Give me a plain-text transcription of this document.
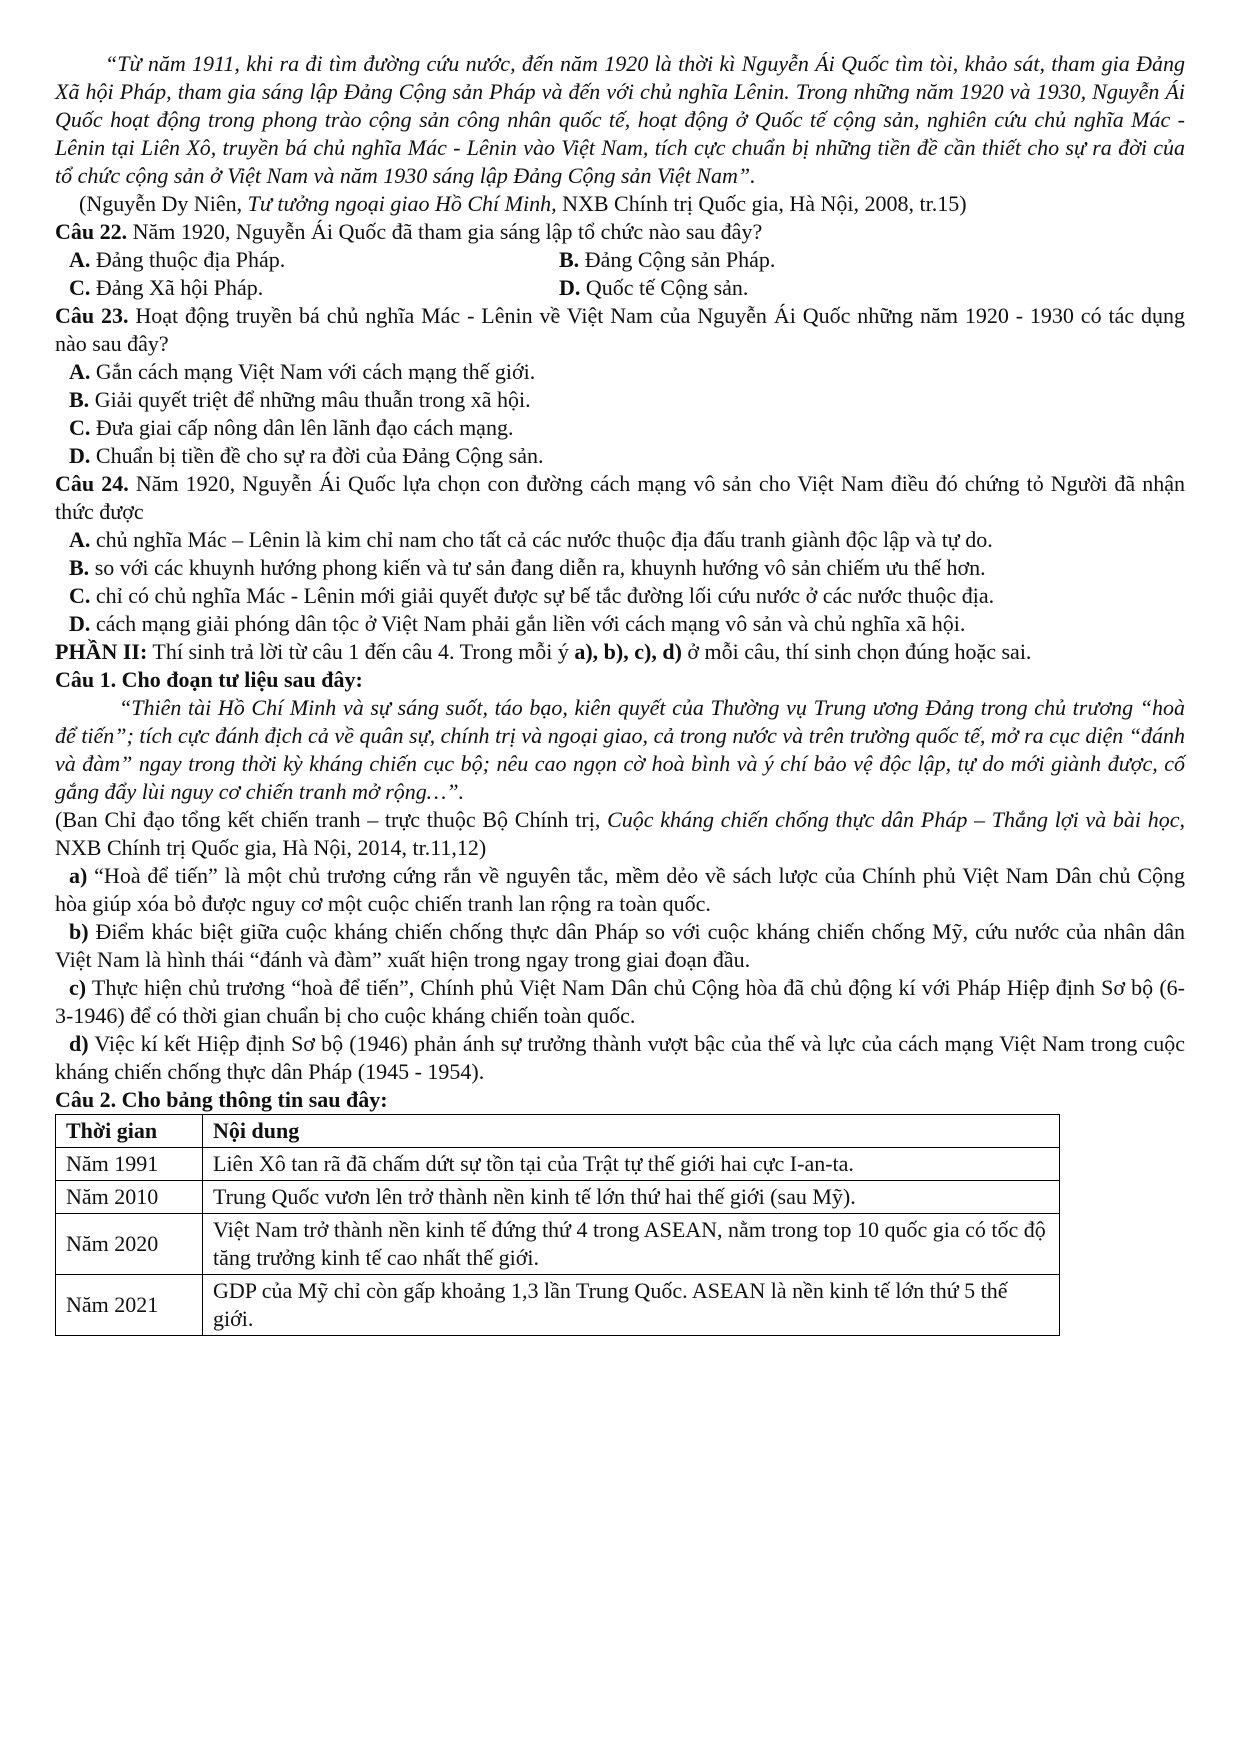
“Từ năm 1911, khi ra đi tìm đường cứu nước, đến năm 1920 là thời kì Nguyễn Ái Quốc tìm tòi, khảo sát, tham gia Đảng Xã hội Pháp, tham gia sáng lập Đảng Cộng sản Pháp và đến với chủ nghĩa Lênin. Trong những năm 1920 và 1930, Nguyễn Ái Quốc hoạt động trong phong trào cộng sản công nhân quốc tế, hoạt động ở Quốc tế cộng sản, nghiên cứu chủ nghĩa Mác - Lênin tại Liên Xô, truyền bá chủ nghĩa Mác - Lênin vào Việt Nam, tích cực chuẩn bị những tiền đề cần thiết cho sự ra đời của tổ chức cộng sản ở Việt Nam và năm 1930 sáng lập Đảng Cộng sản Việt Nam”.

(Nguyễn Dy Niên, Tư tưởng ngoại giao Hồ Chí Minh, NXB Chính trị Quốc gia, Hà Nội, 2008, tr.15)

Câu 22. Năm 1920, Nguyễn Ái Quốc đã tham gia sáng lập tổ chức nào sau đây?

A. Đảng thuộc địa Pháp.	B. Đảng Cộng sản Pháp.

C. Đảng Xã hội Pháp.	D. Quốc tế Cộng sản.

Câu 23. Hoạt động truyền bá chủ nghĩa Mác - Lênin về Việt Nam của Nguyễn Ái Quốc những năm 1920 - 1930 có tác dụng nào sau đây?

A. Gắn cách mạng Việt Nam với cách mạng thế giới.

B. Giải quyết triệt để những mâu thuẫn trong xã hội.

C. Đưa giai cấp nông dân lên lãnh đạo cách mạng.

D. Chuẩn bị tiền đề cho sự ra đời của Đảng Cộng sản.

Câu 24. Năm 1920, Nguyễn Ái Quốc lựa chọn con đường cách mạng vô sản cho Việt Nam điều đó chứng tỏ Người đã nhận thức được

A. chủ nghĩa Mác – Lênin là kim chỉ nam cho tất cả các nước thuộc địa đấu tranh giành độc lập và tự do.

B. so với các khuynh hướng phong kiến và tư sản đang diễn ra, khuynh hướng vô sản chiếm ưu thế hơn.

C. chỉ có chủ nghĩa Mác - Lênin mới giải quyết được sự bế tắc đường lối cứu nước ở các nước thuộc địa.

D. cách mạng giải phóng dân tộc ở Việt Nam phải gắn liền với cách mạng vô sản và chủ nghĩa xã hội.

PHẦN II: Thí sinh trả lời từ câu 1 đến câu 4. Trong mỗi ý a), b), c), d) ở mỗi câu, thí sinh chọn đúng hoặc sai.

Câu 1. Cho đoạn tư liệu sau đây:

“Thiên tài Hồ Chí Minh và sự sáng suốt, táo bạo, kiên quyết của Thường vụ Trung ương Đảng trong chủ trương “hoà để tiến”; tích cực đánh địch cả về quân sự, chính trị và ngoại giao, cả trong nước và trên trường quốc tế, mở ra cục diện “đánh và đàm” ngay trong thời kỳ kháng chiến cục bộ; nêu cao ngọn cờ hoà bình và ý chí bảo vệ độc lập, tự do mới giành được, cố gắng đẩy lùi nguy cơ chiến tranh mở rộng…”.

(Ban Chỉ đạo tổng kết chiến tranh – trực thuộc Bộ Chính trị, Cuộc kháng chiến chống thực dân Pháp – Thắng lợi và bài học, NXB Chính trị Quốc gia, Hà Nội, 2014, tr.11,12)

a) “Hoà để tiến” là một chủ trương cứng rắn về nguyên tắc, mềm dẻo về sách lược của Chính phủ Việt Nam Dân chủ Cộng hòa giúp xóa bỏ được nguy cơ một cuộc chiến tranh lan rộng ra toàn quốc.

b) Điểm khác biệt giữa cuộc kháng chiến chống thực dân Pháp so với cuộc kháng chiến chống Mỹ, cứu nước của nhân dân Việt Nam là hình thái “đánh và đàm” xuất hiện trong ngay trong giai đoạn đầu.

c) Thực hiện chủ trương “hoà để tiến”, Chính phủ Việt Nam Dân chủ Cộng hòa đã chủ động kí với Pháp Hiệp định Sơ bộ (6-3-1946) để có thời gian chuẩn bị cho cuộc kháng chiến toàn quốc.

d) Việc kí kết Hiệp định Sơ bộ (1946) phản ánh sự trưởng thành vượt bậc của thế và lực của cách mạng Việt Nam trong cuộc kháng chiến chống thực dân Pháp (1945 - 1954).

Câu 2. Cho bảng thông tin sau đây:

Thời gian	Nội dung
Năm 1991	Liên Xô tan rã đã chấm dứt sự tồn tại của Trật tự thế giới hai cực I-an-ta.
Năm 2010	Trung Quốc vươn lên trở thành nền kinh tế lớn thứ hai thế giới (sau Mỹ).
Năm 2020	Việt Nam trở thành nền kinh tế đứng thứ 4 trong ASEAN, nằm trong top 10 quốc gia có tốc độ tăng trưởng kinh tế cao nhất thế giới.
Năm 2021	GDP của Mỹ chỉ còn gấp khoảng 1,3 lần Trung Quốc. ASEAN là nền kinh tế lớn thứ 5 thế giới.
